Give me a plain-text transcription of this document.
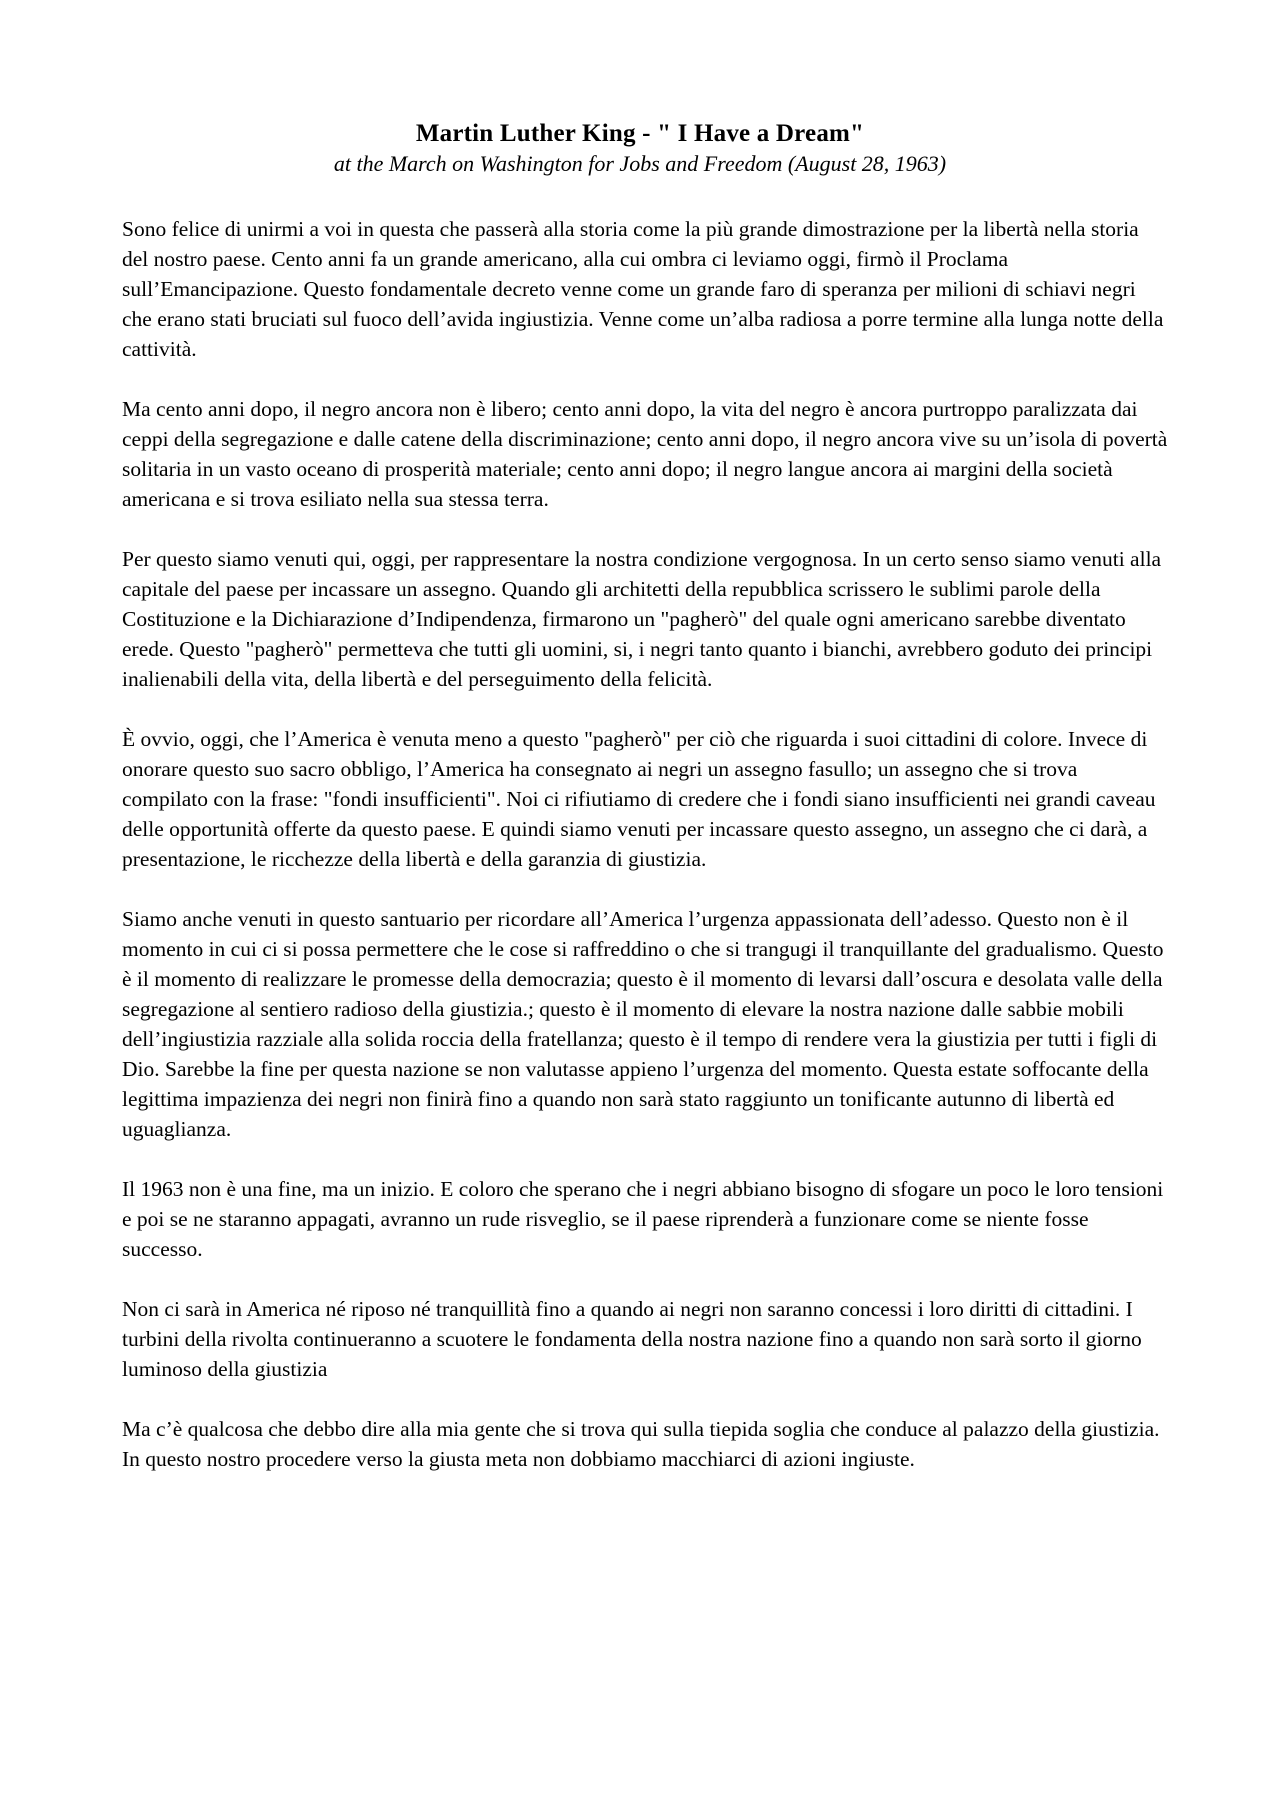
Martin Luther King - " I Have a Dream"

at the March on Washington for Jobs and Freedom (August 28, 1963)

Sono felice di unirmi a voi in questa che passerà alla storia come la più grande dimostrazione per la libertà nella storia del nostro paese. Cento anni fa un grande americano, alla cui ombra ci leviamo oggi, firmò il Proclama sull’Emancipazione. Questo fondamentale decreto venne come un grande faro di speranza per milioni di schiavi negri che erano stati bruciati sul fuoco dell’avida ingiustizia. Venne come un’alba radiosa a porre termine alla lunga notte della cattività.

Ma cento anni dopo, il negro ancora non è libero; cento anni dopo, la vita del negro è ancora purtroppo paralizzata dai ceppi della segregazione e dalle catene della discriminazione; cento anni dopo, il negro ancora vive su un’isola di povertà solitaria in un vasto oceano di prosperità materiale; cento anni dopo; il negro langue ancora ai margini della società americana e si trova esiliato nella sua stessa terra.

Per questo siamo venuti qui, oggi, per rappresentare la nostra condizione vergognosa. In un certo senso siamo venuti alla capitale del paese per incassare un assegno. Quando gli architetti della repubblica scrissero le sublimi parole della Costituzione e la Dichiarazione d’Indipendenza, firmarono un "pagherò" del quale ogni americano sarebbe diventato erede. Questo "pagherò" permetteva che tutti gli uomini, si, i negri tanto quanto i bianchi, avrebbero goduto dei principi inalienabili della vita, della libertà e del perseguimento della felicità.

È ovvio, oggi, che l’America è venuta meno a questo "pagherò" per ciò che riguarda i suoi cittadini di colore. Invece di onorare questo suo sacro obbligo, l’America ha consegnato ai negri un assegno fasullo; un assegno che si trova compilato con la frase: "fondi insufficienti". Noi ci rifiutiamo di credere che i fondi siano insufficienti nei grandi caveau delle opportunità offerte da questo paese. E quindi siamo venuti per incassare questo assegno, un assegno che ci darà, a presentazione, le ricchezze della libertà e della garanzia di giustizia.

Siamo anche venuti in questo santuario per ricordare all’America l’urgenza appassionata dell’adesso. Questo non è il momento in cui ci si possa permettere che le cose si raffreddino o che si trangugi il tranquillante del gradualismo. Questo è il momento di realizzare le promesse della democrazia; questo è il momento di levarsi dall’oscura e desolata valle della segregazione al sentiero radioso della giustizia.; questo è il momento di elevare la nostra nazione dalle sabbie mobili dell’ingiustizia razziale alla solida roccia della fratellanza; questo è il tempo di rendere vera la giustizia per tutti i figli di Dio. Sarebbe la fine per questa nazione se non valutasse appieno l’urgenza del momento. Questa estate soffocante della legittima impazienza dei negri non finirà fino a quando non sarà stato raggiunto un tonificante autunno di libertà ed uguaglianza.

Il 1963 non è una fine, ma un inizio. E coloro che sperano che i negri abbiano bisogno di sfogare un poco le loro tensioni e poi se ne staranno appagati, avranno un rude risveglio, se il paese riprenderà a funzionare come se niente fosse successo.

Non ci sarà in America né riposo né tranquillità fino a quando ai negri non saranno concessi i loro diritti di cittadini. I turbini della rivolta continueranno a scuotere le fondamenta della nostra nazione fino a quando non sarà sorto il giorno luminoso della giustizia

Ma c’è qualcosa che debbo dire alla mia gente che si trova qui sulla tiepida soglia che conduce al palazzo della giustizia. In questo nostro procedere verso la giusta meta non dobbiamo macchiarci di azioni ingiuste.
